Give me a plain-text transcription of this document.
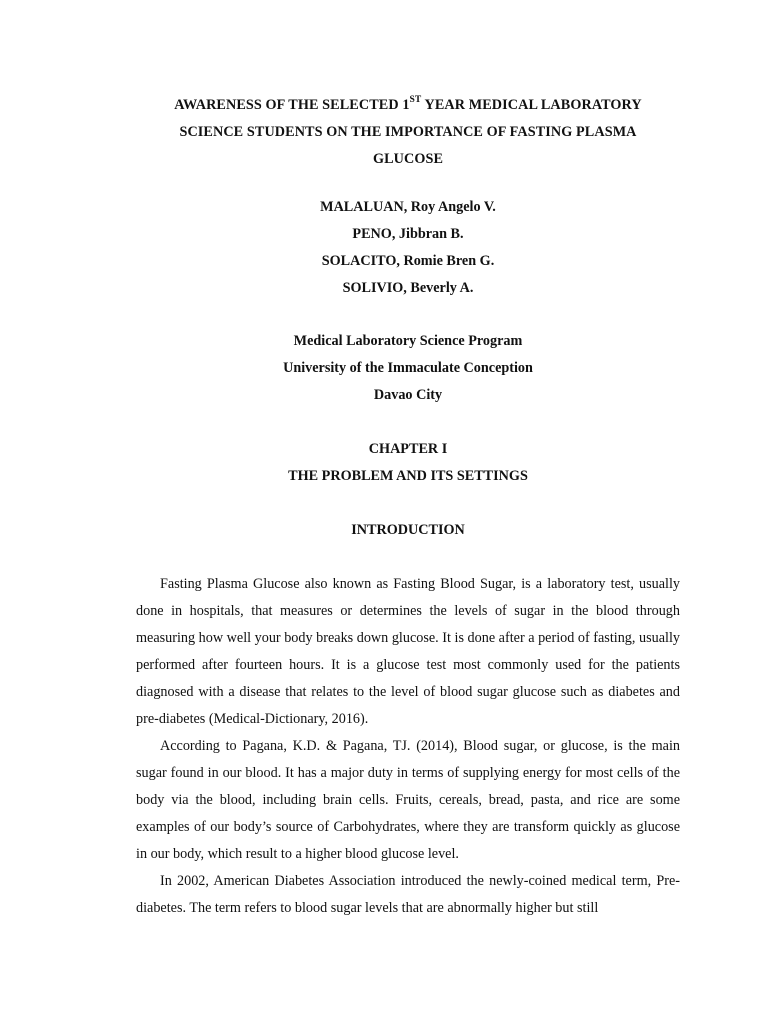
AWARENESS OF THE SELECTED 1ST YEAR MEDICAL LABORATORY
SCIENCE STUDENTS ON THE IMPORTANCE OF FASTING PLASMA
GLUCOSE
MALALUAN, Roy Angelo V.
PENO, Jibbran B.
SOLACITO, Romie Bren G.
SOLIVIO, Beverly A.
Medical Laboratory Science Program
University of the Immaculate Conception
Davao City
CHAPTER I
THE PROBLEM AND ITS SETTINGS
INTRODUCTION

Fasting Plasma Glucose also known as Fasting Blood Sugar, is a laboratory test, usually done in hospitals, that measures or determines the levels of sugar in the blood through measuring how well your body breaks down glucose. It is done after a period of fasting, usually performed after fourteen hours. It is a glucose test most commonly used for the patients diagnosed with a disease that relates to the level of blood sugar glucose such as diabetes and pre-diabetes (Medical-Dictionary, 2016).

According to Pagana, K.D. & Pagana, TJ. (2014), Blood sugar, or glucose, is the main sugar found in our blood. It has a major duty in terms of supplying energy for most cells of the body via the blood, including brain cells. Fruits, cereals, bread, pasta, and rice are some examples of our body’s source of Carbohydrates, where they are transform quickly as glucose in our body, which result to a higher blood glucose level.

In 2002, American Diabetes Association introduced the newly-coined medical term, Pre-diabetes. The term refers to blood sugar levels that are abnormally higher but still
